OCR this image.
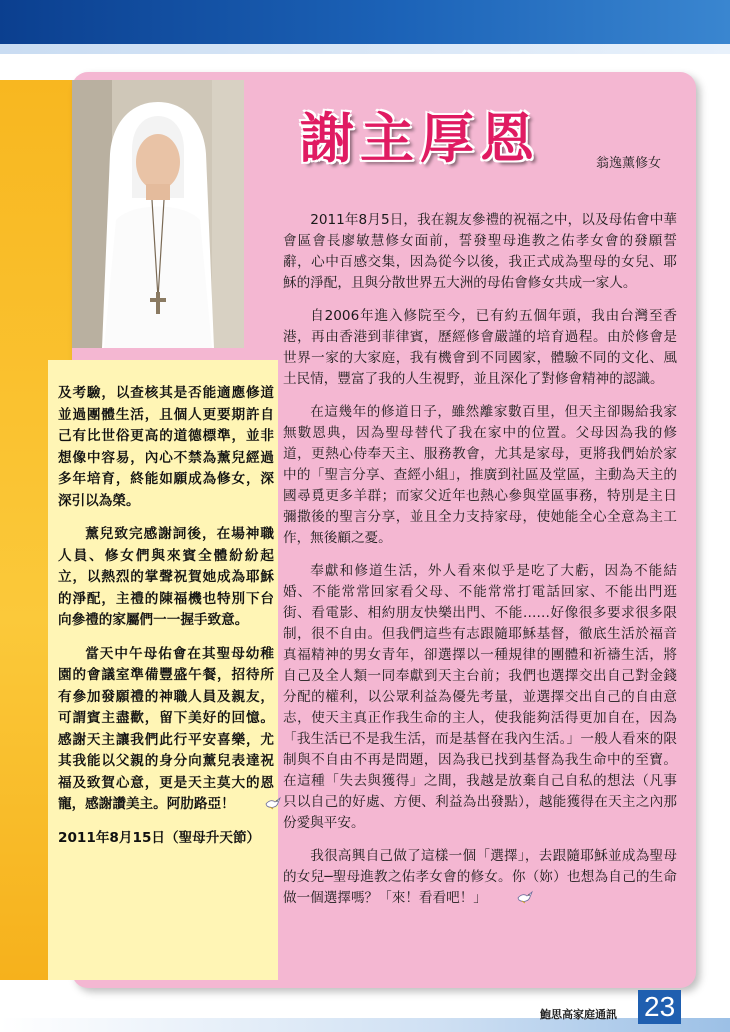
謝主厚恩	翁逸薰修女

2011年8月5日，我在親友參禮的祝福之中，以及母佑會中華會區會長廖敏慧修女面前，誓發聖母進教之佑孝女會的發願誓辭，心中百感交集，因為從今以後，我正式成為聖母的女兒、耶穌的淨配，且與分散世界五大洲的母佑會修女共成一家人。

自2006年進入修院至今，已有約五個年頭，我由台灣至香港，再由香港到菲律賓，歷經修會嚴謹的培育過程。由於修會是世界一家的大家庭，我有機會到不同國家，體驗不同的文化、風土民情，豐富了我的人生視野，並且深化了對修會精神的認識。

在這幾年的修道日子，雖然離家數百里，但天主卻賜給我家無數恩典，因為聖母替代了我在家中的位置。父母因為我的修道，更熱心侍奉天主、服務教會，尤其是家母，更將我們始於家中的「聖言分享、查經小組」，推廣到社區及堂區，主動為天主的國尋覓更多羊群；而家父近年也熱心參與堂區事務，特別是主日彌撒後的聖言分享，並且全力支持家母，使她能全心全意為主工作，無後顧之憂。

奉獻和修道生活，外人看來似乎是吃了大虧，因為不能結婚、不能常常回家看父母、不能常常打電話回家、不能出門逛街、看電影、相約朋友快樂出門、不能……好像很多要求很多限制，很不自由。但我們這些有志跟隨耶穌基督，徹底生活於福音真福精神的男女青年，卻選擇以一種規律的團體和祈禱生活，將自己及全人類一同奉獻到天主台前；我們也選擇交出自己對金錢分配的權利，以公眾利益為優先考量，並選擇交出自己的自由意志，使天主真正作我生命的主人，使我能夠活得更加自在，因為「我生活已不是我生活，而是基督在我內生活。」一般人看來的限制與不自由不再是問題，因為我已找到基督為我生命中的至寶。在這種「失去與獲得」之間，我越是放棄自己自私的想法（凡事只以自己的好處、方便、利益為出發點），越能獲得在天主之內那份愛與平安。

我很高興自己做了這樣一個「選擇」，去跟隨耶穌並成為聖母的女兒─聖母進教之佑孝女會的修女。你（妳）也想為自己的生命做一個選擇嗎？「來！看看吧！」

及考驗，以查核其是否能適應修道並過團體生活，且個人更要期許自己有比世俗更高的道德標準，並非想像中容易，內心不禁為薰兒經過多年培育，終能如願成為修女，深深引以為榮。

薰兒致完感謝詞後，在場神職人員、修女們與來賓全體紛紛起立，以熱烈的掌聲祝賀她成為耶穌的淨配，主禮的陳福機也特別下台向參禮的家屬們一一握手致意。

當天中午母佑會在其聖母幼稚園的會議室準備豐盛午餐，招待所有參加發願禮的神職人員及親友，可謂賓主盡歡，留下美好的回憶。感謝天主讓我們此行平安喜樂，尤其我能以父親的身分向薰兒表達祝福及致賀心意，更是天主莫大的恩寵，感謝讚美主。阿肋路亞！

2011年8月15日（聖母升天節）

鮑思高家庭通訊 23
